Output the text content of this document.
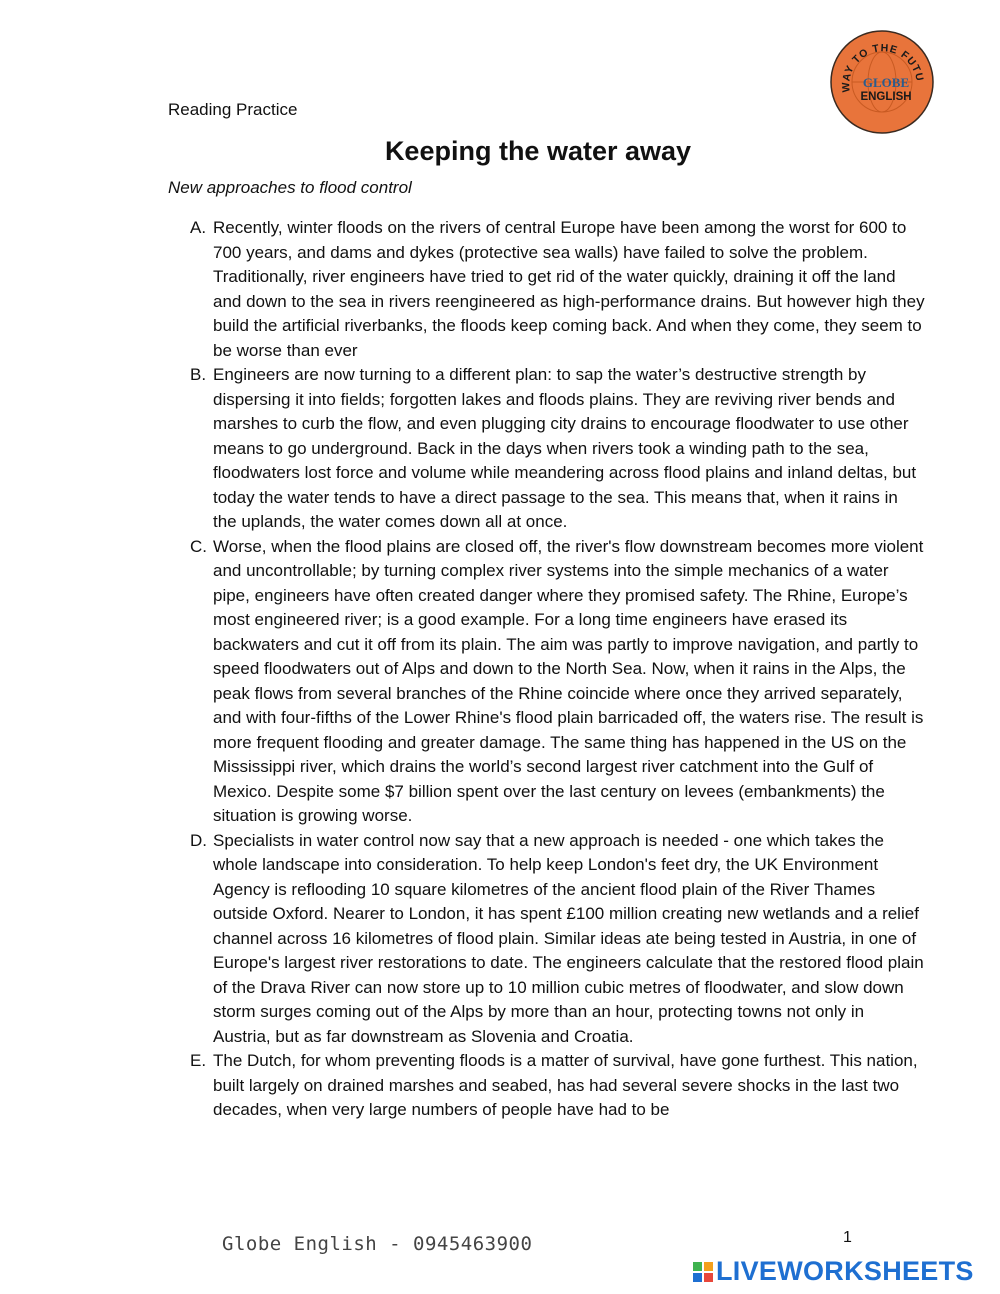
Reading Practice
WAY TO THE FUTU
GLOBE
ENGLISH
Keeping the water away
New approaches to flood control
A. Recently, winter floods on the rivers of central Europe have been among the worst for 600 to 700 years, and dams and dykes (protective sea walls) have failed to solve the problem. Traditionally, river engineers have tried to get rid of the water quickly, draining it off the land and down to the sea in rivers reengineered as high-performance drains. But however high they build the artificial riverbanks, the floods keep coming back. And when they come, they seem to be worse than ever
B. Engineers are now turning to a different plan: to sap the water’s destructive strength by dispersing it into fields; forgotten lakes and floods plains. They are reviving river bends and marshes to curb the flow, and even plugging city drains to encourage floodwater to use other means to go underground. Back in the days when rivers took a winding path to the sea, floodwaters lost force and volume while meandering across flood plains and inland deltas, but today the water tends to have a direct passage to the sea. This means that, when it rains in the uplands, the water comes down all at once.
C. Worse, when the flood plains are closed off, the river's flow downstream becomes more violent and uncontrollable; by turning complex river systems into the simple mechanics of a water pipe, engineers have often created danger where they promised safety. The Rhine, Europe’s most engineered river; is a good example. For a long time engineers have erased its backwaters and cut it off from its plain. The aim was partly to improve navigation, and partly to speed floodwaters out of Alps and down to the North Sea. Now, when it rains in the Alps, the peak flows from several branches of the Rhine coincide where once they arrived separately, and with four-fifths of the Lower Rhine's flood plain barricaded off, the waters rise. The result is more frequent flooding and greater damage. The same thing has happened in the US on the Mississippi river, which drains the world’s second largest river catchment into the Gulf of Mexico. Despite some $7 billion spent over the last century on levees (embankments) the situation is growing worse.
D. Specialists in water control now say that a new approach is needed - one which takes the whole landscape into consideration. To help keep London's feet dry, the UK Environment Agency is reflooding 10 square kilometres of the ancient flood plain of the River Thames outside Oxford. Nearer to London, it has spent £100 million creating new wetlands and a relief channel across 16 kilometres of flood plain. Similar ideas ate being tested in Austria, in one of Europe's largest river restorations to date. The engineers calculate that the restored flood plain of the Drava River can now store up to 10 million cubic metres of floodwater, and slow down storm surges coming out of the Alps by more than an hour, protecting towns not only in Austria, but as far downstream as Slovenia and Croatia.
E. The Dutch, for whom preventing floods is a matter of survival, have gone furthest. This nation, built largely on drained marshes and seabed, has had several severe shocks in the last two decades, when very large numbers of people have had to be
Globe English - 0945463900	1
LIVEWORKSHEETS
